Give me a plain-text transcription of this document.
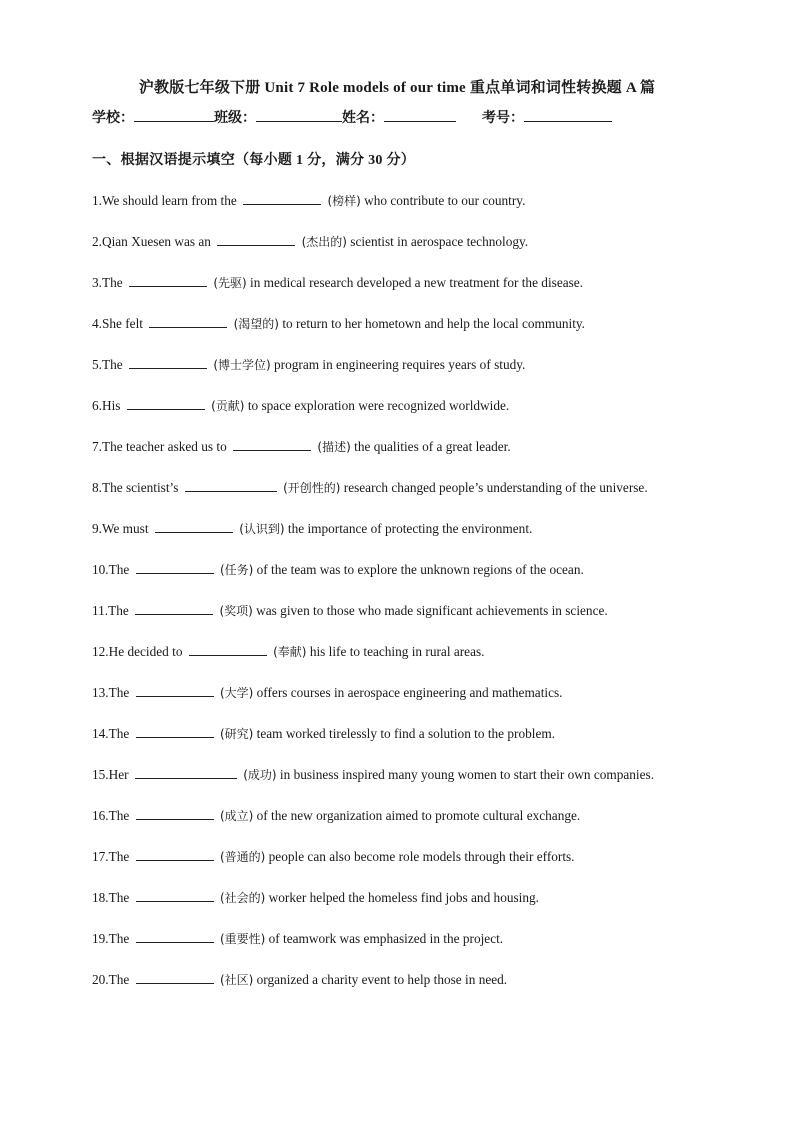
沪教版七年级下册 Unit 7 Role models of our time 重点单词和词性转换题 A 篇
学校：	班级：	姓名：	考号：
一、根据汉语提示填空（每小题 1 分，满分 30 分）
1.We should learn from the	(榜样) who contribute to our country.
2.Qian Xuesen was an	(杰出的) scientist in aerospace technology.
3.The	(先驱) in medical research developed a new treatment for the disease.
4.She felt	(渴望的) to return to her hometown and help the local community.
5.The	(博士学位) program in engineering requires years of study.
6.His	(贡献) to space exploration were recognized worldwide.
7.The teacher asked us to	(描述) the qualities of a great leader.
8.The scientist’s	(开创性的) research changed people’s understanding of the universe.
9.We must	(认识到) the importance of protecting the environment.
10.The	(任务) of the team was to explore the unknown regions of the ocean.
11.The	(奖项) was given to those who made significant achievements in science.
12.He decided to	(奉献) his life to teaching in rural areas.
13.The	(大学) offers courses in aerospace engineering and mathematics.
14.The	(研究) team worked tirelessly to find a solution to the problem.
15.Her	(成功) in business inspired many young women to start their own companies.
16.The	(成立) of the new organization aimed to promote cultural exchange.
17.The	(普通的) people can also become role models through their efforts.
18.The	(社会的) worker helped the homeless find jobs and housing.
19.The	(重要性) of teamwork was emphasized in the project.
20.The	(社区) organized a charity event to help those in need.
